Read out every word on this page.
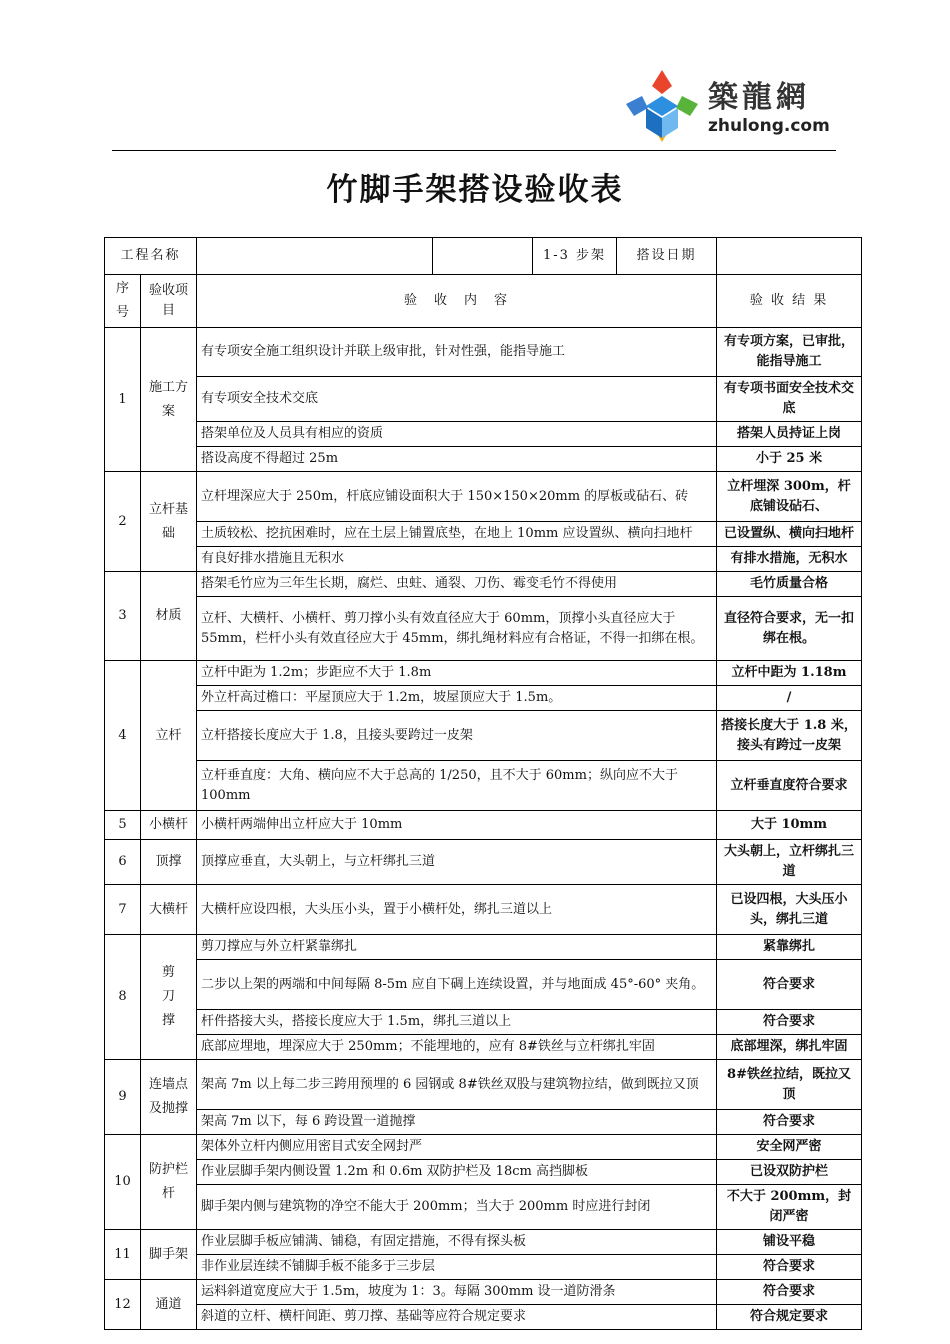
築龍網
zhulong.com
竹脚手架搭设验收表
工程名称				1-3 步架	搭设日期	
序号	验收项目	验　收　内　容				验 收 结 果
1	施工方案	有专项安全施工组织设计并联上级审批，针对性强，能指导施工				有专项方案，已审批，能指导施工
		有专项安全技术交底				有专项书面安全技术交底
		搭架单位及人员具有相应的资质				搭架人员持证上岗
		搭设高度不得超过 25m				小于 25 米
2	立杆基础	立杆埋深应大于 250m，杆底应铺设面积大于 150×150×20mm 的厚板或砧石、砖				立杆埋深 300m，杆底铺设砧石、
		土质较松、挖抗困难时，应在土层上铺置底垫，在地上 10mm 应设置纵、横向扫地杆				已设置纵、横向扫地杆
		有良好排水措施且无积水				有排水措施，无积水
3	材质	搭架毛竹应为三年生长期，腐烂、虫蛀、通裂、刀伤、霉变毛竹不得使用				毛竹质量合格
		立杆、大横杆、小横杆、剪刀撑小头有效直径应大于 60mm，顶撑小头直径应大于 55mm，栏杆小头有效直径应大于 45mm，绑扎绳材料应有合格证，不得一扣绑在根。				直径符合要求，无一扣绑在根。
4	立杆	立杆中距为 1.2m；步距应不大于 1.8m				立杆中距为 1.18m
		外立杆高过檐口：平屋顶应大于 1.2m，坡屋顶应大于 1.5m。				/
		立杆搭接长度应大于 1.8，且接头要跨过一皮架				搭接长度大于 1.8 米，接头有跨过一皮架
		立杆垂直度：大角、横向应不大于总高的 1/250，且不大于 60mm；纵向应不大于 100mm				立杆垂直度符合要求
5	小横杆	小横杆两端伸出立杆应大于 10mm				大于 10mm
6	顶撑	顶撑应垂直，大头朝上，与立杆绑扎三道				大头朝上，立杆绑扎三道
7	大横杆	大横杆应设四根，大头压小头，置于小横杆处，绑扎三道以上				已设四根，大头压小头，绑扎三道
8	剪刀撑	剪刀撑应与外立杆紧靠绑扎				紧靠绑扎
		二步以上架的两端和中间每隔 8-5m 应自下碉上连续设置，并与地面成 45°-60° 夹角。				符合要求
		杆件搭接大头，搭接长度应大于 1.5m，绑扎三道以上				符合要求
		底部应埋地，埋深应大于 250mm；不能埋地的，应有 8#铁丝与立杆绑扎牢固				底部埋深，绑扎牢固
9	连墙点及抛撑	架高 7m 以上每二步三跨用预埋的 6 园钢或 8#铁丝双股与建筑物拉结，做到既拉又顶				8#铁丝拉结，既拉又顶
		架高 7m 以下，每 6 跨设置一道抛撑				符合要求
10	防护栏杆	架体外立杆内侧应用密目式安全网封严				安全网严密
		作业层脚手架内侧设置 1.2m 和 0.6m 双防护栏及 18cm 高挡脚板				已设双防护栏
		脚手架内侧与建筑物的净空不能大于 200mm；当大于 200mm 时应进行封闭				不大于 200mm，封闭严密
11	脚手架	作业层脚手板应铺满、铺稳，有固定措施，不得有探头板				铺设平稳
		非作业层连续不铺脚手板不能多于三步层				符合要求
12	通道	运料斜道宽度应大于 1.5m，坡度为 1：3。每隔 300mm 设一道防滑条				符合要求
		斜道的立杆、横杆间距、剪刀撑、基础等应符合规定要求				符合规定要求
